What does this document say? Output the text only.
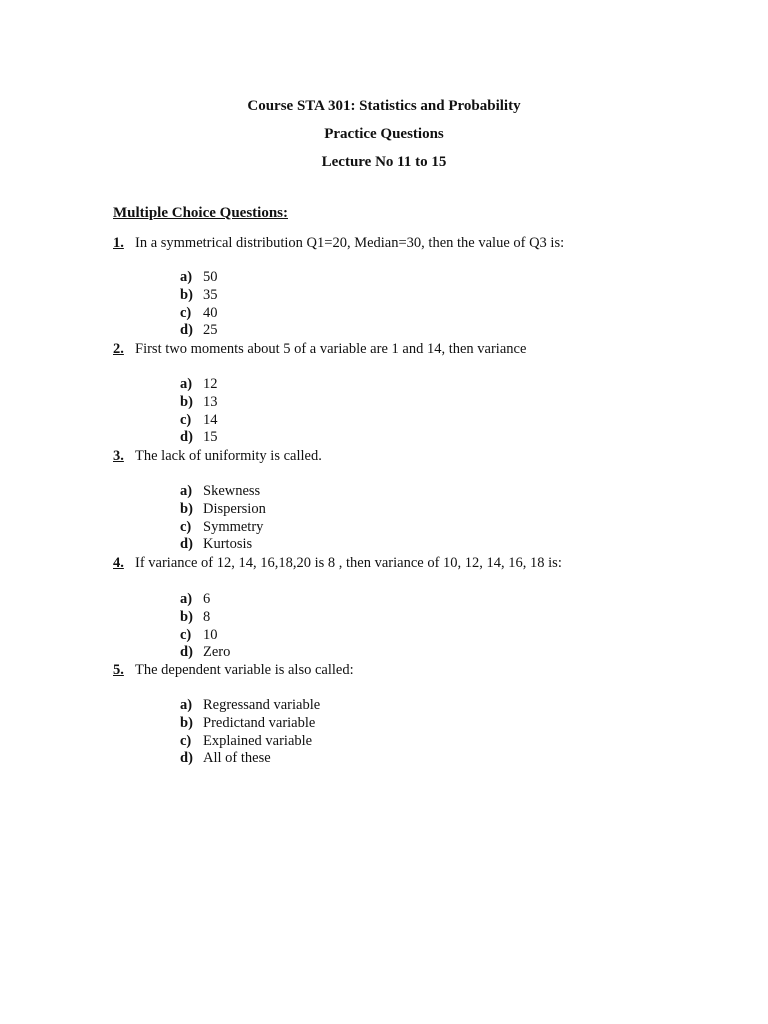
Course STA 301: Statistics and Probability

Practice Questions

Lecture No 11 to 15

Multiple Choice Questions:

1. In a symmetrical distribution Q1=20, Median=30, then the value of Q3 is:
a) 50
b) 35
c) 40
d) 25
2. First two moments about 5 of a variable are 1 and 14, then variance
a) 12
b) 13
c) 14
d) 15
3. The lack of uniformity is called.
a) Skewness
b) Dispersion
c) Symmetry
d) Kurtosis
4. If variance of 12, 14, 16,18,20 is 8 , then variance of 10, 12, 14, 16, 18 is:
a) 6
b) 8
c) 10
d) Zero
5. The dependent variable is also called:
a) Regressand variable
b) Predictand variable
c) Explained variable
d) All of these
